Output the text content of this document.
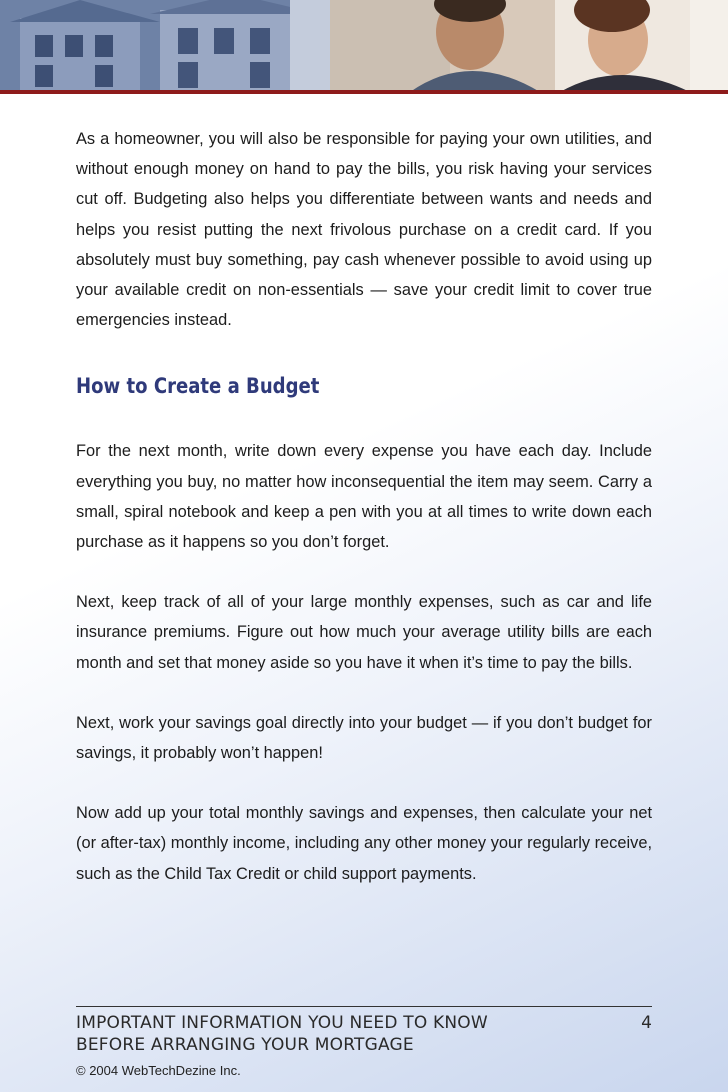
As a homeowner, you will also be responsible for paying your own utilities, and without enough money on hand to pay the bills, you risk having your services cut off. Budgeting also helps you differentiate between wants and needs and helps you resist putting the next frivolous purchase on a credit card. If you absolutely must buy something, pay cash whenever possible to avoid using up your available credit on non-essentials — save your credit limit to cover true emergencies instead.

How to Create a Budget

For the next month, write down every expense you have each day. Include everything you buy, no matter how inconsequential the item may seem. Carry a small, spiral notebook and keep a pen with you at all times to write down each purchase as it happens so you don’t forget.

Next, keep track of all of your large monthly expenses, such as car and life insurance premiums. Figure out how much your average utility bills are each month and set that money aside so you have it when it’s time to pay the bills.

Next, work your savings goal directly into your budget — if you don’t budget for savings, it probably won’t happen!

Now add up your total monthly savings and expenses, then calculate your net (or after-tax) monthly income, including any other money your regularly receive, such as the Child Tax Credit or child support payments.

IMPORTANT INFORMATION YOU NEED TO KNOW
BEFORE ARRANGING YOUR MORTGAGE

4
© 2004 WebTechDezine Inc.
